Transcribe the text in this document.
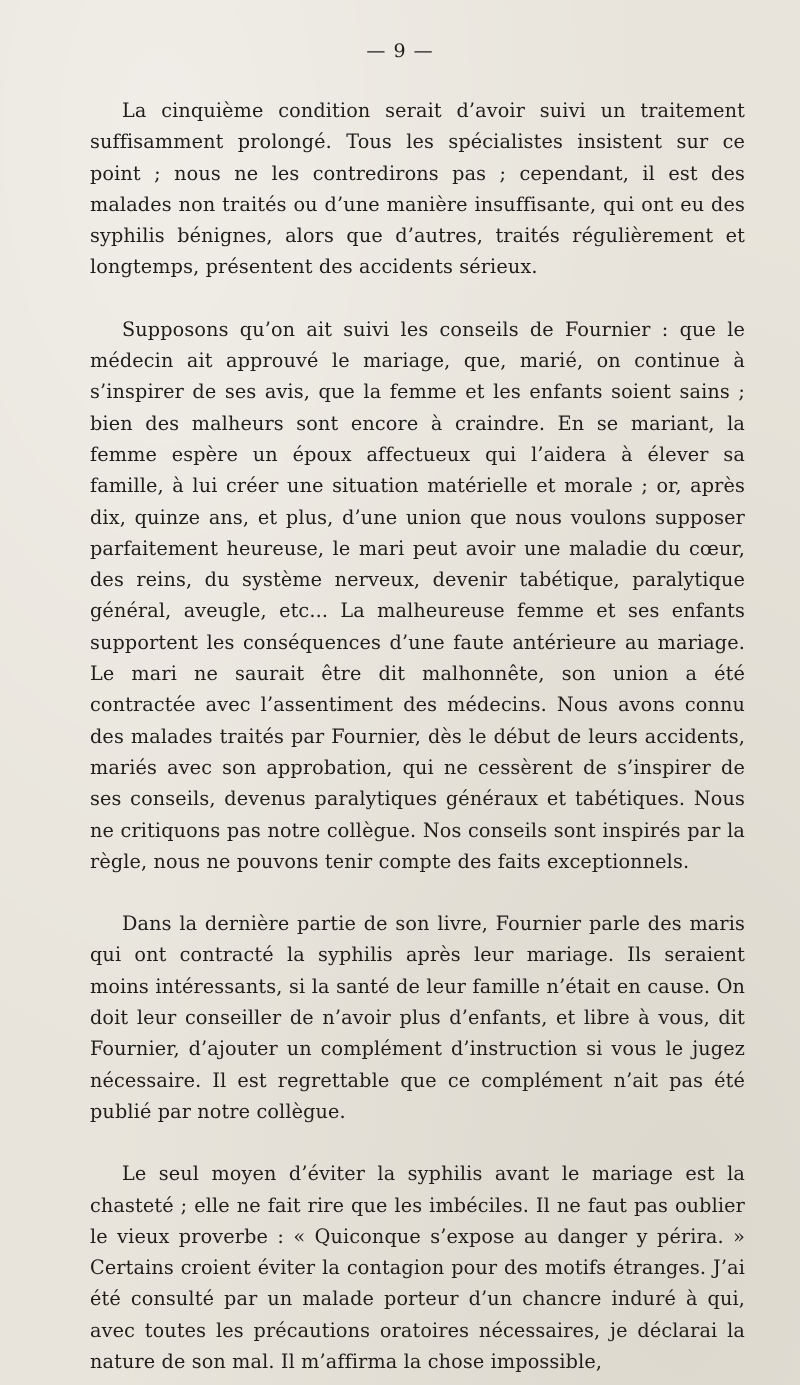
— 9 —

La cinquième condition serait d’avoir suivi un traitement suffisamment prolongé. Tous les spécialistes insistent sur ce point ; nous ne les contredirons pas ; cependant, il est des malades non traités ou d’une manière insuffisante, qui ont eu des syphilis bénignes, alors que d’autres, traités régulièrement et longtemps, présentent des accidents sérieux.

Supposons qu’on ait suivi les conseils de Fournier : que le médecin ait approuvé le mariage, que, marié, on continue à s’inspirer de ses avis, que la femme et les enfants soient sains ; bien des malheurs sont encore à craindre. En se mariant, la femme espère un époux affectueux qui l’aidera à élever sa famille, à lui créer une situation matérielle et morale ; or, après dix, quinze ans, et plus, d’une union que nous voulons supposer parfaitement heureuse, le mari peut avoir une maladie du cœur, des reins, du système nerveux, devenir tabétique, paralytique général, aveugle, etc... La malheureuse femme et ses enfants supportent les conséquences d’une faute antérieure au mariage. Le mari ne saurait être dit malhonnête, son union a été contractée avec l’assentiment des médecins. Nous avons connu des malades traités par Fournier, dès le début de leurs accidents, mariés avec son approbation, qui ne cessèrent de s’inspirer de ses conseils, devenus paralytiques généraux et tabétiques. Nous ne critiquons pas notre collègue. Nos conseils sont inspirés par la règle, nous ne pouvons tenir compte des faits exceptionnels.

Dans la dernière partie de son livre, Fournier parle des maris qui ont contracté la syphilis après leur mariage. Ils seraient moins intéressants, si la santé de leur famille n’était en cause. On doit leur conseiller de n’avoir plus d’enfants, et libre à vous, dit Fournier, d’ajouter un complément d’instruction si vous le jugez nécessaire. Il est regrettable que ce complément n’ait pas été publié par notre collègue.

Le seul moyen d’éviter la syphilis avant le mariage est la chasteté ; elle ne fait rire que les imbéciles. Il ne faut pas oublier le vieux proverbe : « Quiconque s’expose au danger y périra. » Certains croient éviter la contagion pour des motifs étranges. J’ai été consulté par un malade porteur d’un chancre induré à qui, avec toutes les précautions oratoires nécessaires, je déclarai la nature de son mal. Il m’affirma la chose impossible,
